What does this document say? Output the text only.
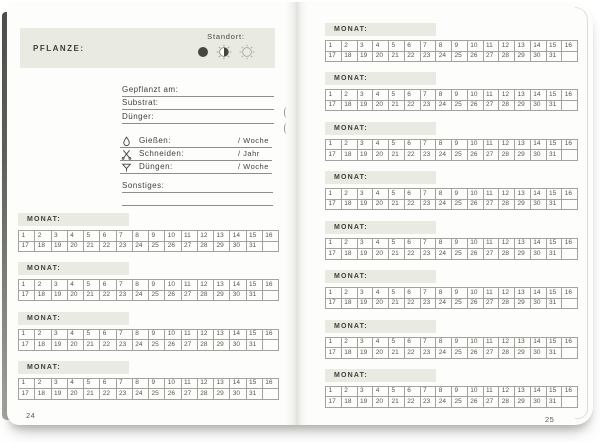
PFLANZE:
Standort:
Gepflanzt am:
Substrat:
Dünger:
Gießen:	/ Woche
Schneiden:	/ Jahr
Düngen:	/ Woche
Sonstiges:
MONAT:
1	2	3	4	5	6	7	8	9	10	11	12	13	14	15	16
17	18	19	20	21	22	23	24	25	26	27	28	29	30	31	
MONAT:
1	2	3	4	5	6	7	8	9	10	11	12	13	14	15	16
17	18	19	20	21	22	23	24	25	26	27	28	29	30	31	
MONAT:
1	2	3	4	5	6	7	8	9	10	11	12	13	14	15	16
17	18	19	20	21	22	23	24	25	26	27	28	29	30	31	
MONAT:
1	2	3	4	5	6	7	8	9	10	11	12	13	14	15	16
17	18	19	20	21	22	23	24	25	26	27	28	29	30	31	
24
MONAT:
1	2	3	4	5	6	7	8	9	10	11	12	13	14	15	16
17	18	19	20	21	22	23	24	25	26	27	28	29	30	31	
MONAT:
1	2	3	4	5	6	7	8	9	10	11	12	13	14	15	16
17	18	19	20	21	22	23	24	25	26	27	28	29	30	31	
MONAT:
1	2	3	4	5	6	7	8	9	10	11	12	13	14	15	16
17	18	19	20	21	22	23	24	25	26	27	28	29	30	31	
MONAT:
1	2	3	4	5	6	7	8	9	10	11	12	13	14	15	16
17	18	19	20	21	22	23	24	25	26	27	28	29	30	31	
MONAT:
1	2	3	4	5	6	7	8	9	10	11	12	13	14	15	16
17	18	19	20	21	22	23	24	25	26	27	28	29	30	31	
MONAT:
1	2	3	4	5	6	7	8	9	10	11	12	13	14	15	16
17	18	19	20	21	22	23	24	25	26	27	28	29	30	31	
MONAT:
1	2	3	4	5	6	7	8	9	10	11	12	13	14	15	16
17	18	19	20	21	22	23	24	25	26	27	28	29	30	31	
MONAT:
1	2	3	4	5	6	7	8	9	10	11	12	13	14	15	16
17	18	19	20	21	22	23	24	25	26	27	28	29	30	31	
25
